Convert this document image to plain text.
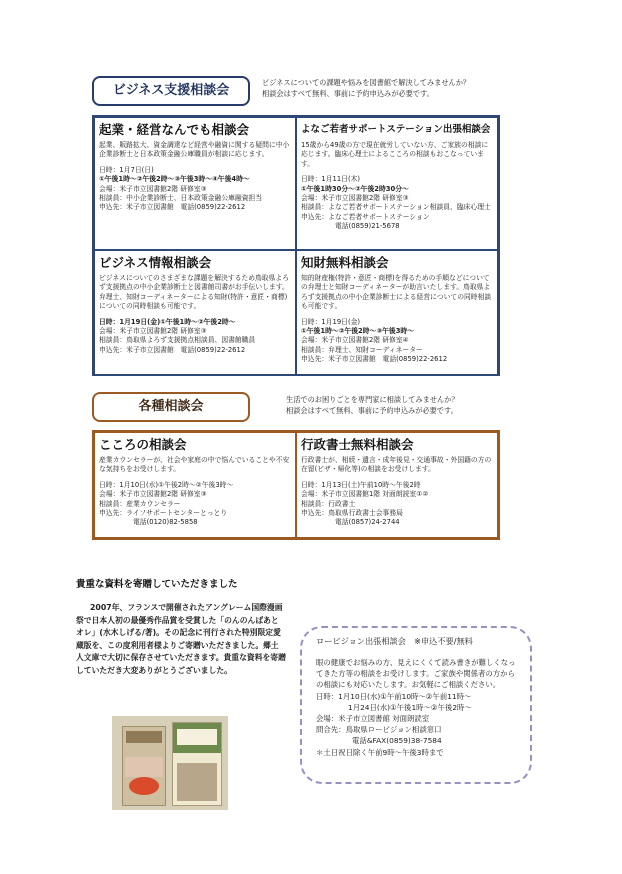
ビジネス支援相談会
ビジネスについての課題や悩みを図書館で解決してみませんか？
相談会はすべて無料、事前に予約申込みが必要です。
起業・経営なんでも相談会
起業、販路拡大、資金調達など経営や融資に関する疑問に中小企業診断士と日本政策金融公庫職員が相談に応じます。
日時：1月7日(日)
①午後1時～②午後2時～③午後3時～④午後4時～
会場：米子市立図書館2階 研修室③
相談員：中小企業診断士、日本政策金融公庫融資担当
申込先：米子市立図書館　電話(0859)22-2612
よなご若者サポートステーション出張相談会
15歳から49歳の方で現在就労していない方、ご家族の相談に応じます。臨床心理士によるこころの相談もおこなっています。
日時：1月11日(木)
①午後1時30分～②午後2時30分～
会場：米子市立図書館2階 研修室③
相談員：よなご若者サポートステーション相談員、臨床心理士
申込先：よなご若者サポートステーション
電話(0859)21-5678
ビジネス情報相談会
ビジネスについてのさまざまな課題を解決するため鳥取県よろず支援拠点の中小企業診断士と図書館司書がお手伝いします。弁理士、知財コーディネーターによる知財(特許・意匠・商標)についての同時相談も可能です。
日時：1月19日(金)①午後1時～②午後2時～
会場：米子市立図書館2階 研修室③
相談員：鳥取県よろず支援拠点相談員、図書館職員
申込先：米子市立図書館　電話(0859)22-2612
知財無料相談会
知的財産権(特許・意匠・商標)を得るための手順などについての弁理士と知財コーディネーターが助言いたします。鳥取県よろず支援拠点の中小企業診断士による経営についての同時相談も可能です。
日時：1月19日(金)
①午後1時～②午後2時～③午後3時～
会場：米子市立図書館2階 研修室④
相談員：弁理士、知財コーディネーター
申込先：米子市立図書館　電話(0859)22-2612
各種相談会	生活でのお困りごとを専門家に相談してみませんか？
相談会はすべて無料、事前に予約申込みが必要です。
こころの相談会
産業カウンセラーが、社会や家庭の中で悩んでいることや不安な気持ちをお受けします。
日時：1月10日(水)①午後2時～②午後3時～
会場：米子市立図書館2階 研修室③
相談員：産業カウンセラー
申込先：ライフサポートセンターとっとり
電話(0120)82-5858
行政書士無料相談会
行政書士が、相続・遺言・成年後見・交通事故・外国籍の方の在留(ビザ・帰化等)の相談をお受けします。
日時：1月13日(土)午前10時～午後2時
会場：米子市立図書館1階 対面朗読室①②
相談員：行政書士
申込先：鳥取県行政書士会事務局
電話(0857)24-2744
貴重な資料を寄贈していただきました
2007年、フランスで開催されたアングレーム国際漫画祭で日本人初の最優秀作品賞を受賞した「のんのんばあとオレ」(水木しげる/著)。その記念に刊行された特別限定愛蔵版を、この度利用者様よりご寄贈いただきました。郷土人文庫で大切に保存させていただきます。貴重な資料を寄贈していただき大変ありがとうございました。
ロービジョン出張相談会　※申込不要/無料
眼の健康でお悩みの方、見えにくくて読み書きが難しくなってきた方等の相談をお受けします。ご家族や関係者の方からの相談にも対応いたします。お気軽にご相談ください。
日時：1月10日(水)①午前10時～②午前11時～
1月24日(水)①午後1時～②午後2時～
会場：米子市立図書館 対面朗読室
問合先：鳥取県ロービジョン相談窓口
電話&FAX(0859)38-7584
＊土日祝日除く午前9時～午後3時まで
